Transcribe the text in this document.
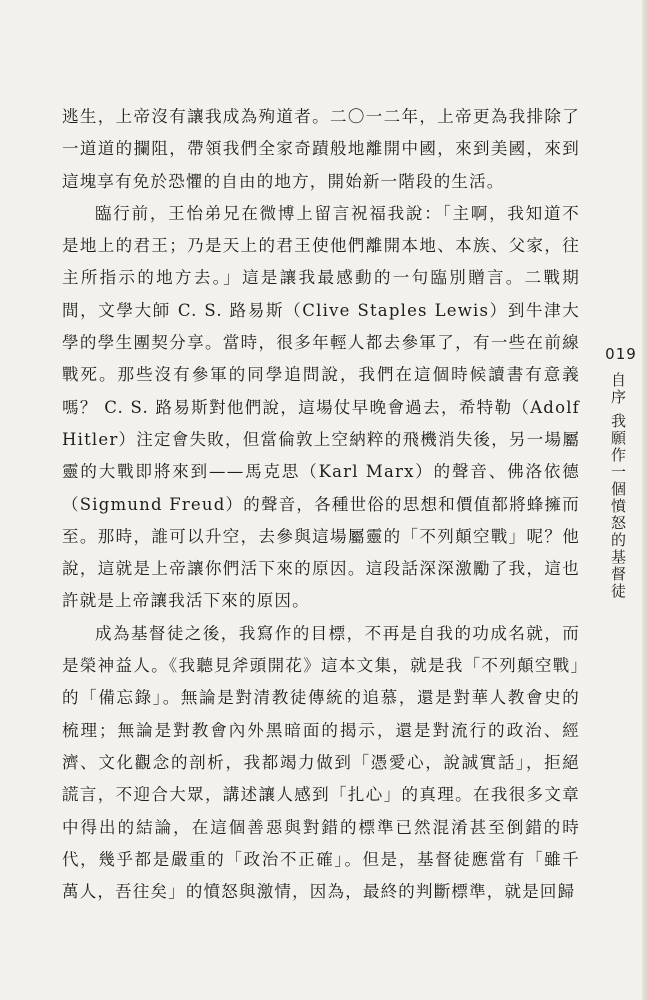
逃生，上帝沒有讓我成為殉道者。二〇一二年，上帝更為我排除了一道道的攔阻，帶領我們全家奇蹟般地離開中國，來到美國，來到這塊享有免於恐懼的自由的地方，開始新一階段的生活。

臨行前，王怡弟兄在微博上留言祝福我說：「主啊，我知道不是地上的君王；乃是天上的君王使他們離開本地、本族、父家，往主所指示的地方去。」這是讓我最感動的一句臨別贈言。二戰期間，文學大師 C. S. 路易斯（Clive Staples Lewis）到牛津大學的學生團契分享。當時，很多年輕人都去參軍了，有一些在前線戰死。那些沒有參軍的同學追問說，我們在這個時候讀書有意義嗎？ C. S. 路易斯對他們說，這場仗早晚會過去，希特勒（Adolf Hitler）注定會失敗，但當倫敦上空納粹的飛機消失後，另一場屬靈的大戰即將來到——馬克思（Karl Marx）的聲音、佛洛依德（Sigmund Freud）的聲音，各種世俗的思想和價值都將蜂擁而至。那時，誰可以升空，去參與這場屬靈的「不列顛空戰」呢？他說，這就是上帝讓你們活下來的原因。這段話深深激勵了我，這也許就是上帝讓我活下來的原因。

成為基督徒之後，我寫作的目標，不再是自我的功成名就，而是榮神益人。《我聽見斧頭開花》這本文集，就是我「不列顛空戰」的「備忘錄」。無論是對清教徒傳統的追慕，還是對華人教會史的梳理；無論是對教會內外黑暗面的揭示，還是對流行的政治、經濟、文化觀念的剖析，我都竭力做到「憑愛心，說誠實話」，拒絕謊言，不迎合大眾，講述讓人感到「扎心」的真理。在我很多文章中得出的結論，在這個善惡與對錯的標準已然混淆甚至倒錯的時代，幾乎都是嚴重的「政治不正確」。但是，基督徒應當有「雖千萬人，吾往矣」的憤怒與激情，因為，最終的判斷標準，就是回歸

019
自序 我願作一個憤怒的基督徒
